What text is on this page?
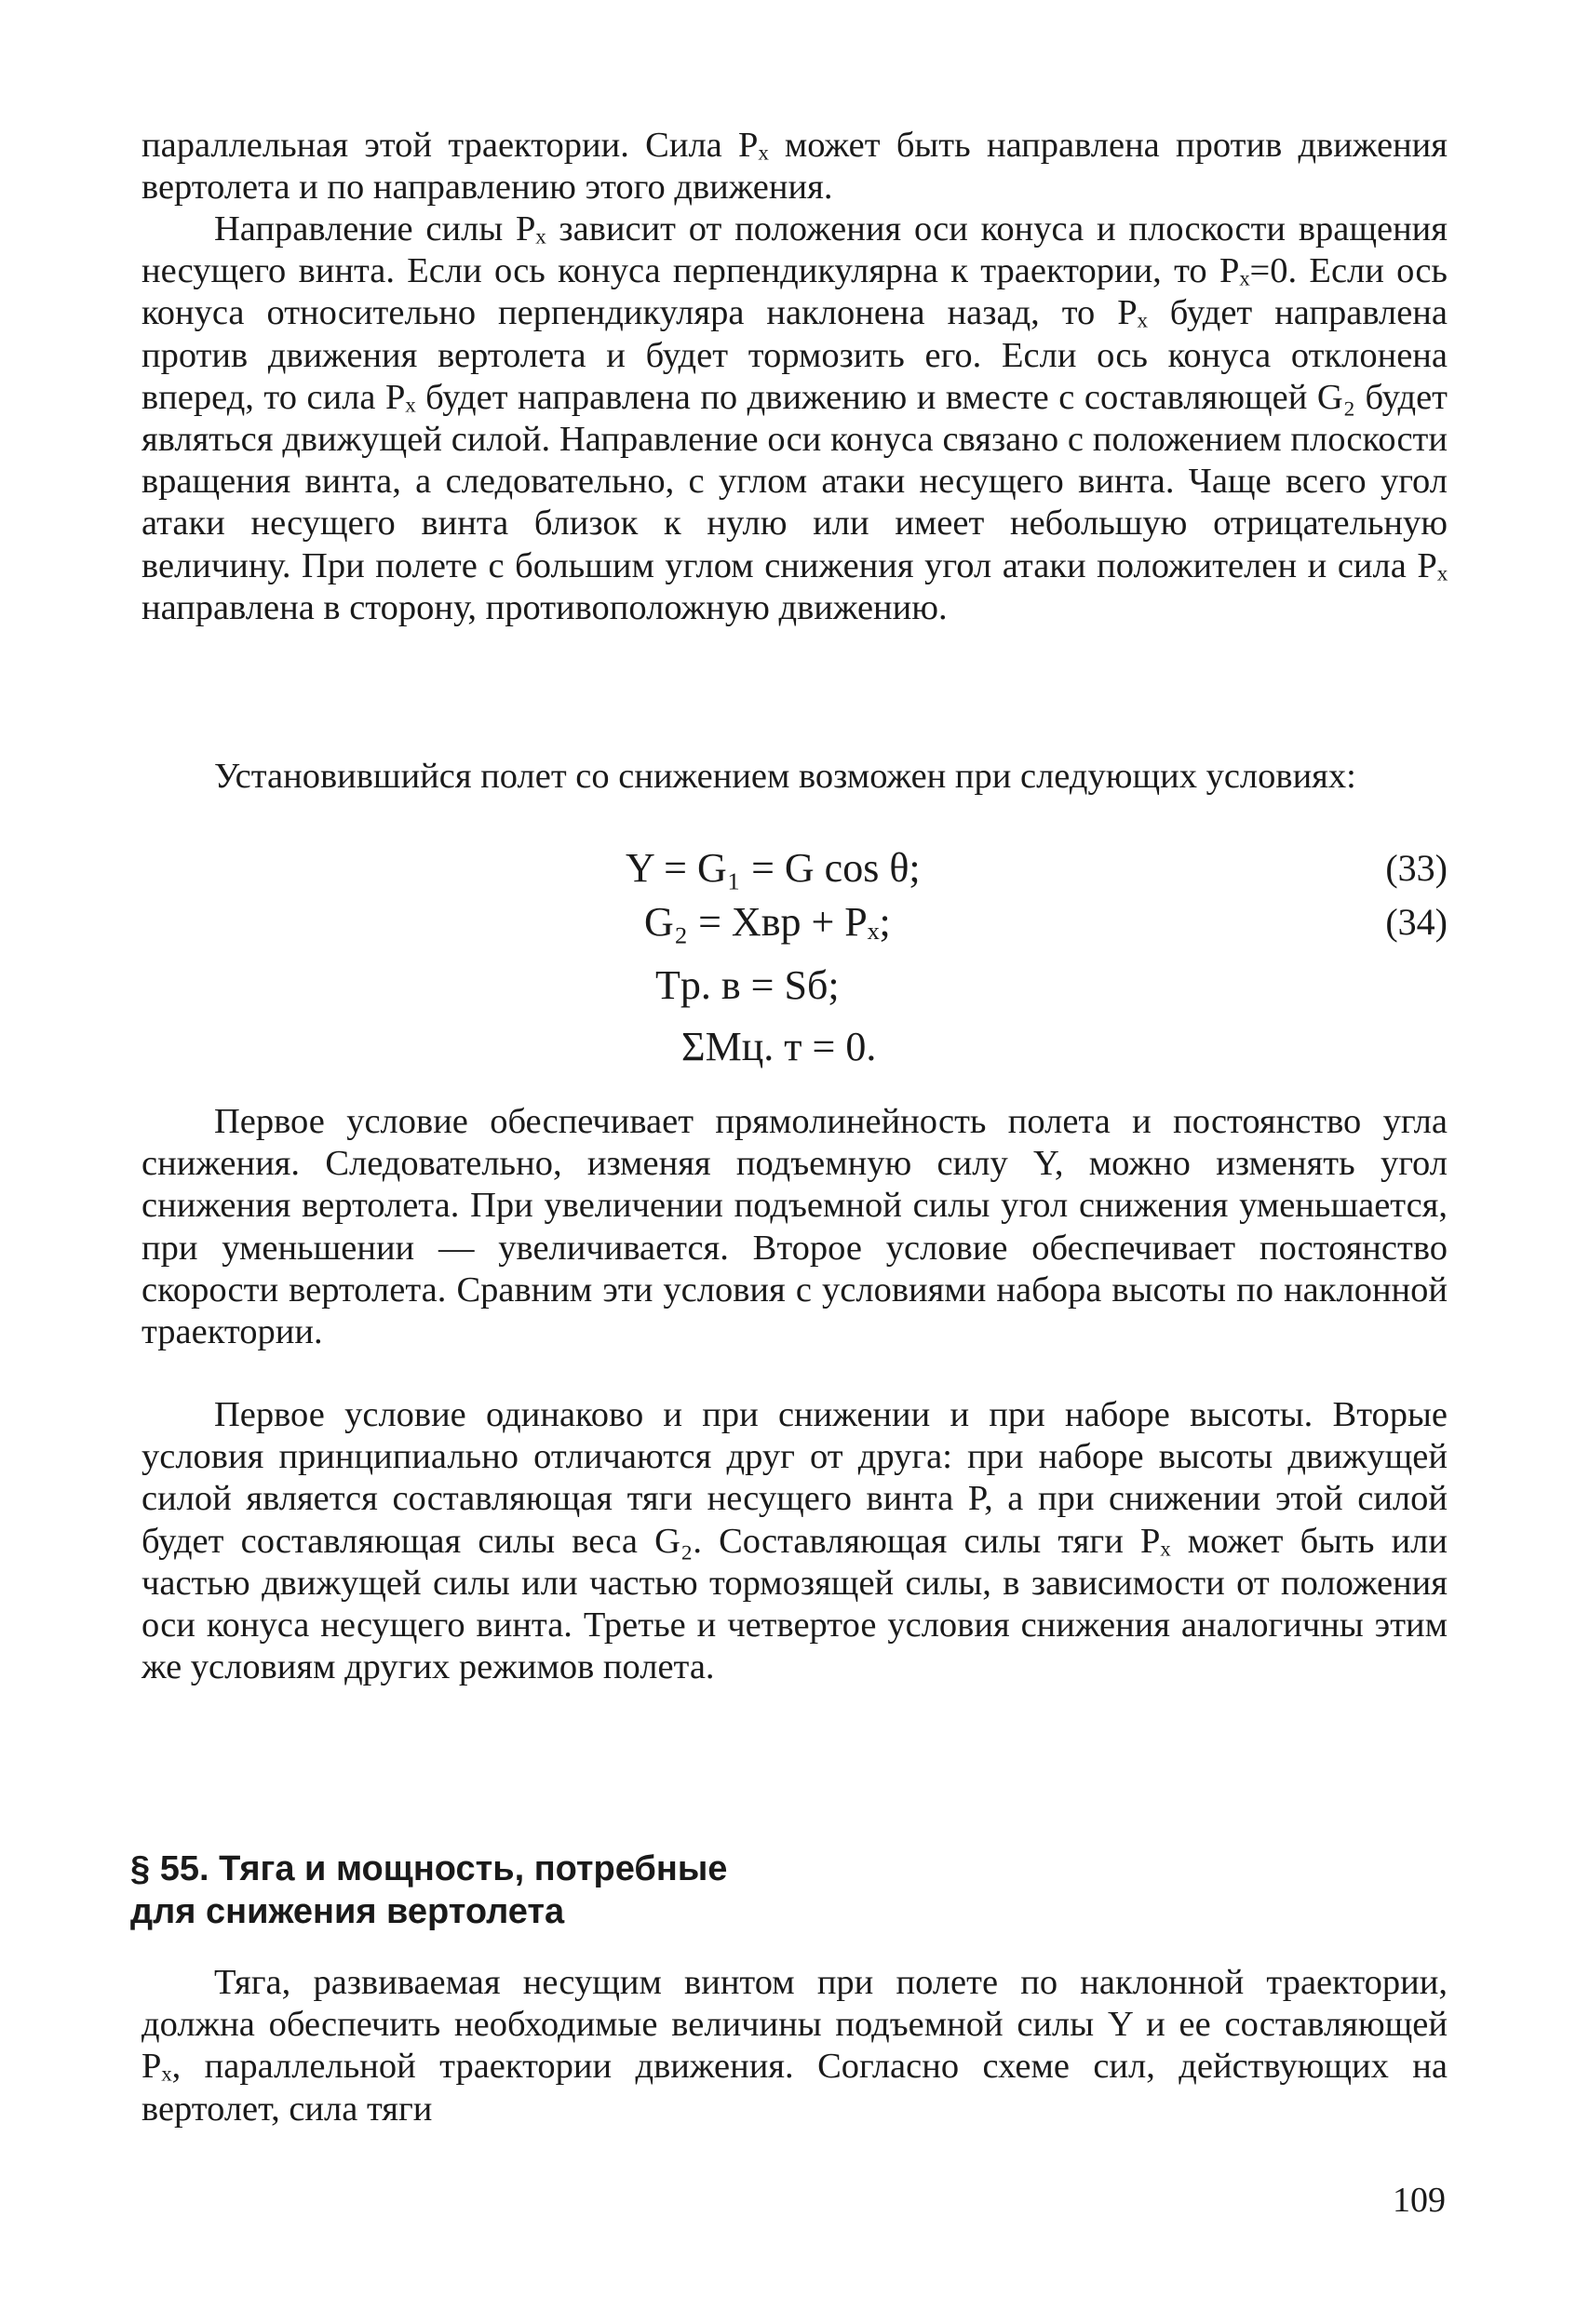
параллельная этой траектории. Сила Pₓ может быть направлена против движения вертолета и по направлению этого движения.

Направление силы Pₓ зависит от положения оси конуса и плоскости вращения несущего винта. Если ось конуса перпендикулярна к траектории, то Pₓ=0. Если ось конуса относительно перпендикуляра наклонена назад, то Pₓ будет направлена против движения вертолета и будет тормозить его. Если ось конуса отклонена вперед, то сила Pₓ будет направлена по движению и вместе с составляющей G₂ будет являться движущей силой. Направление оси конуса связано с положением плоскости вращения винта, а следовательно, с углом атаки несущего винта. Чаще всего угол атаки несущего винта близок к нулю или имеет небольшую отрицательную величину. При полете с большим углом снижения угол атаки положителен и сила Pₓ направлена в сторону, противоположную движению.

Установившийся полет со снижением возможен при следующих условиях:

Y = G₁ = G cos θ;	(33)
G₂ = Xвр + Pₓ;	(34)
Tр. в = Sб;
ΣMц. т = 0.

Первое условие обеспечивает прямолинейность полета и постоянство угла снижения. Следовательно, изменяя подъемную силу Y, можно изменять угол снижения вертолета. При увеличении подъемной силы угол снижения уменьшается, при уменьшении — увеличивается. Второе условие обеспечивает постоянство скорости вертолета. Сравним эти условия с условиями набора высоты по наклонной траектории.

Первое условие одинаково и при снижении и при наборе высоты. Вторые условия принципиально отличаются друг от друга: при наборе высоты движущей силой является составляющая тяги несущего винта P, а при снижении этой силой будет составляющая силы веса G₂. Составляющая силы тяги Pₓ может быть или частью движущей силы или частью тормозящей силы, в зависимости от положения оси конуса несущего винта. Третье и четвертое условия снижения аналогичны этим же условиям других режимов полета.

§ 55. Тяга и мощность, потребные
для снижения вертолета

Тяга, развиваемая несущим винтом при полете по наклонной траектории, должна обеспечить необходимые величины подъемной силы Y и ее составляющей Pₓ, параллельной траектории движения. Согласно схеме сил, действующих на вертолет, сила тяги

109
